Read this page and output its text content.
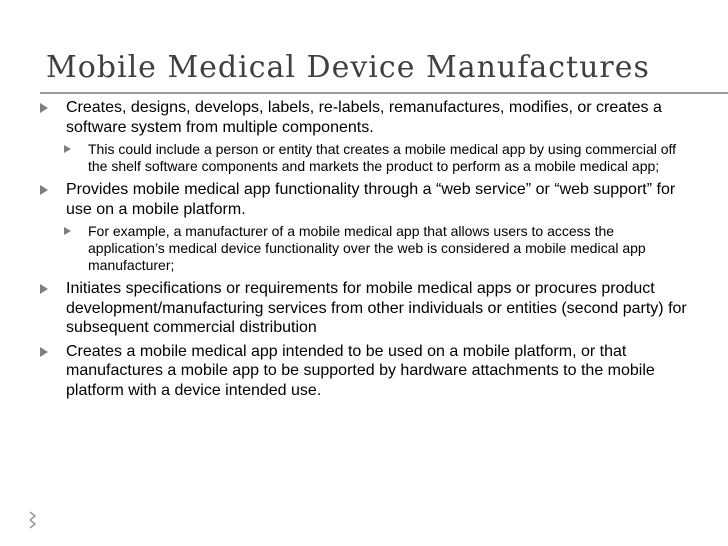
Mobile Medical Device Manufactures
Creates, designs, develops, labels, re-labels, remanufactures, modifies, or creates a software system from multiple components.
This could include a person or entity that creates a mobile medical app by using commercial off the shelf software components and markets the product to perform as a mobile medical app;
Provides mobile medical app functionality through a “web service” or “web support” for use on a mobile platform.
For example, a manufacturer of a mobile medical app that allows users to access the application’s medical device functionality over the web is considered a mobile medical app manufacturer;
Initiates specifications or requirements for mobile medical apps or procures product development/manufacturing services from other individuals or entities (second party) for subsequent commercial distribution
Creates a mobile medical app intended to be used on a mobile platform, or that manufactures a mobile app to be supported by hardware attachments to the mobile platform with a device intended use.
